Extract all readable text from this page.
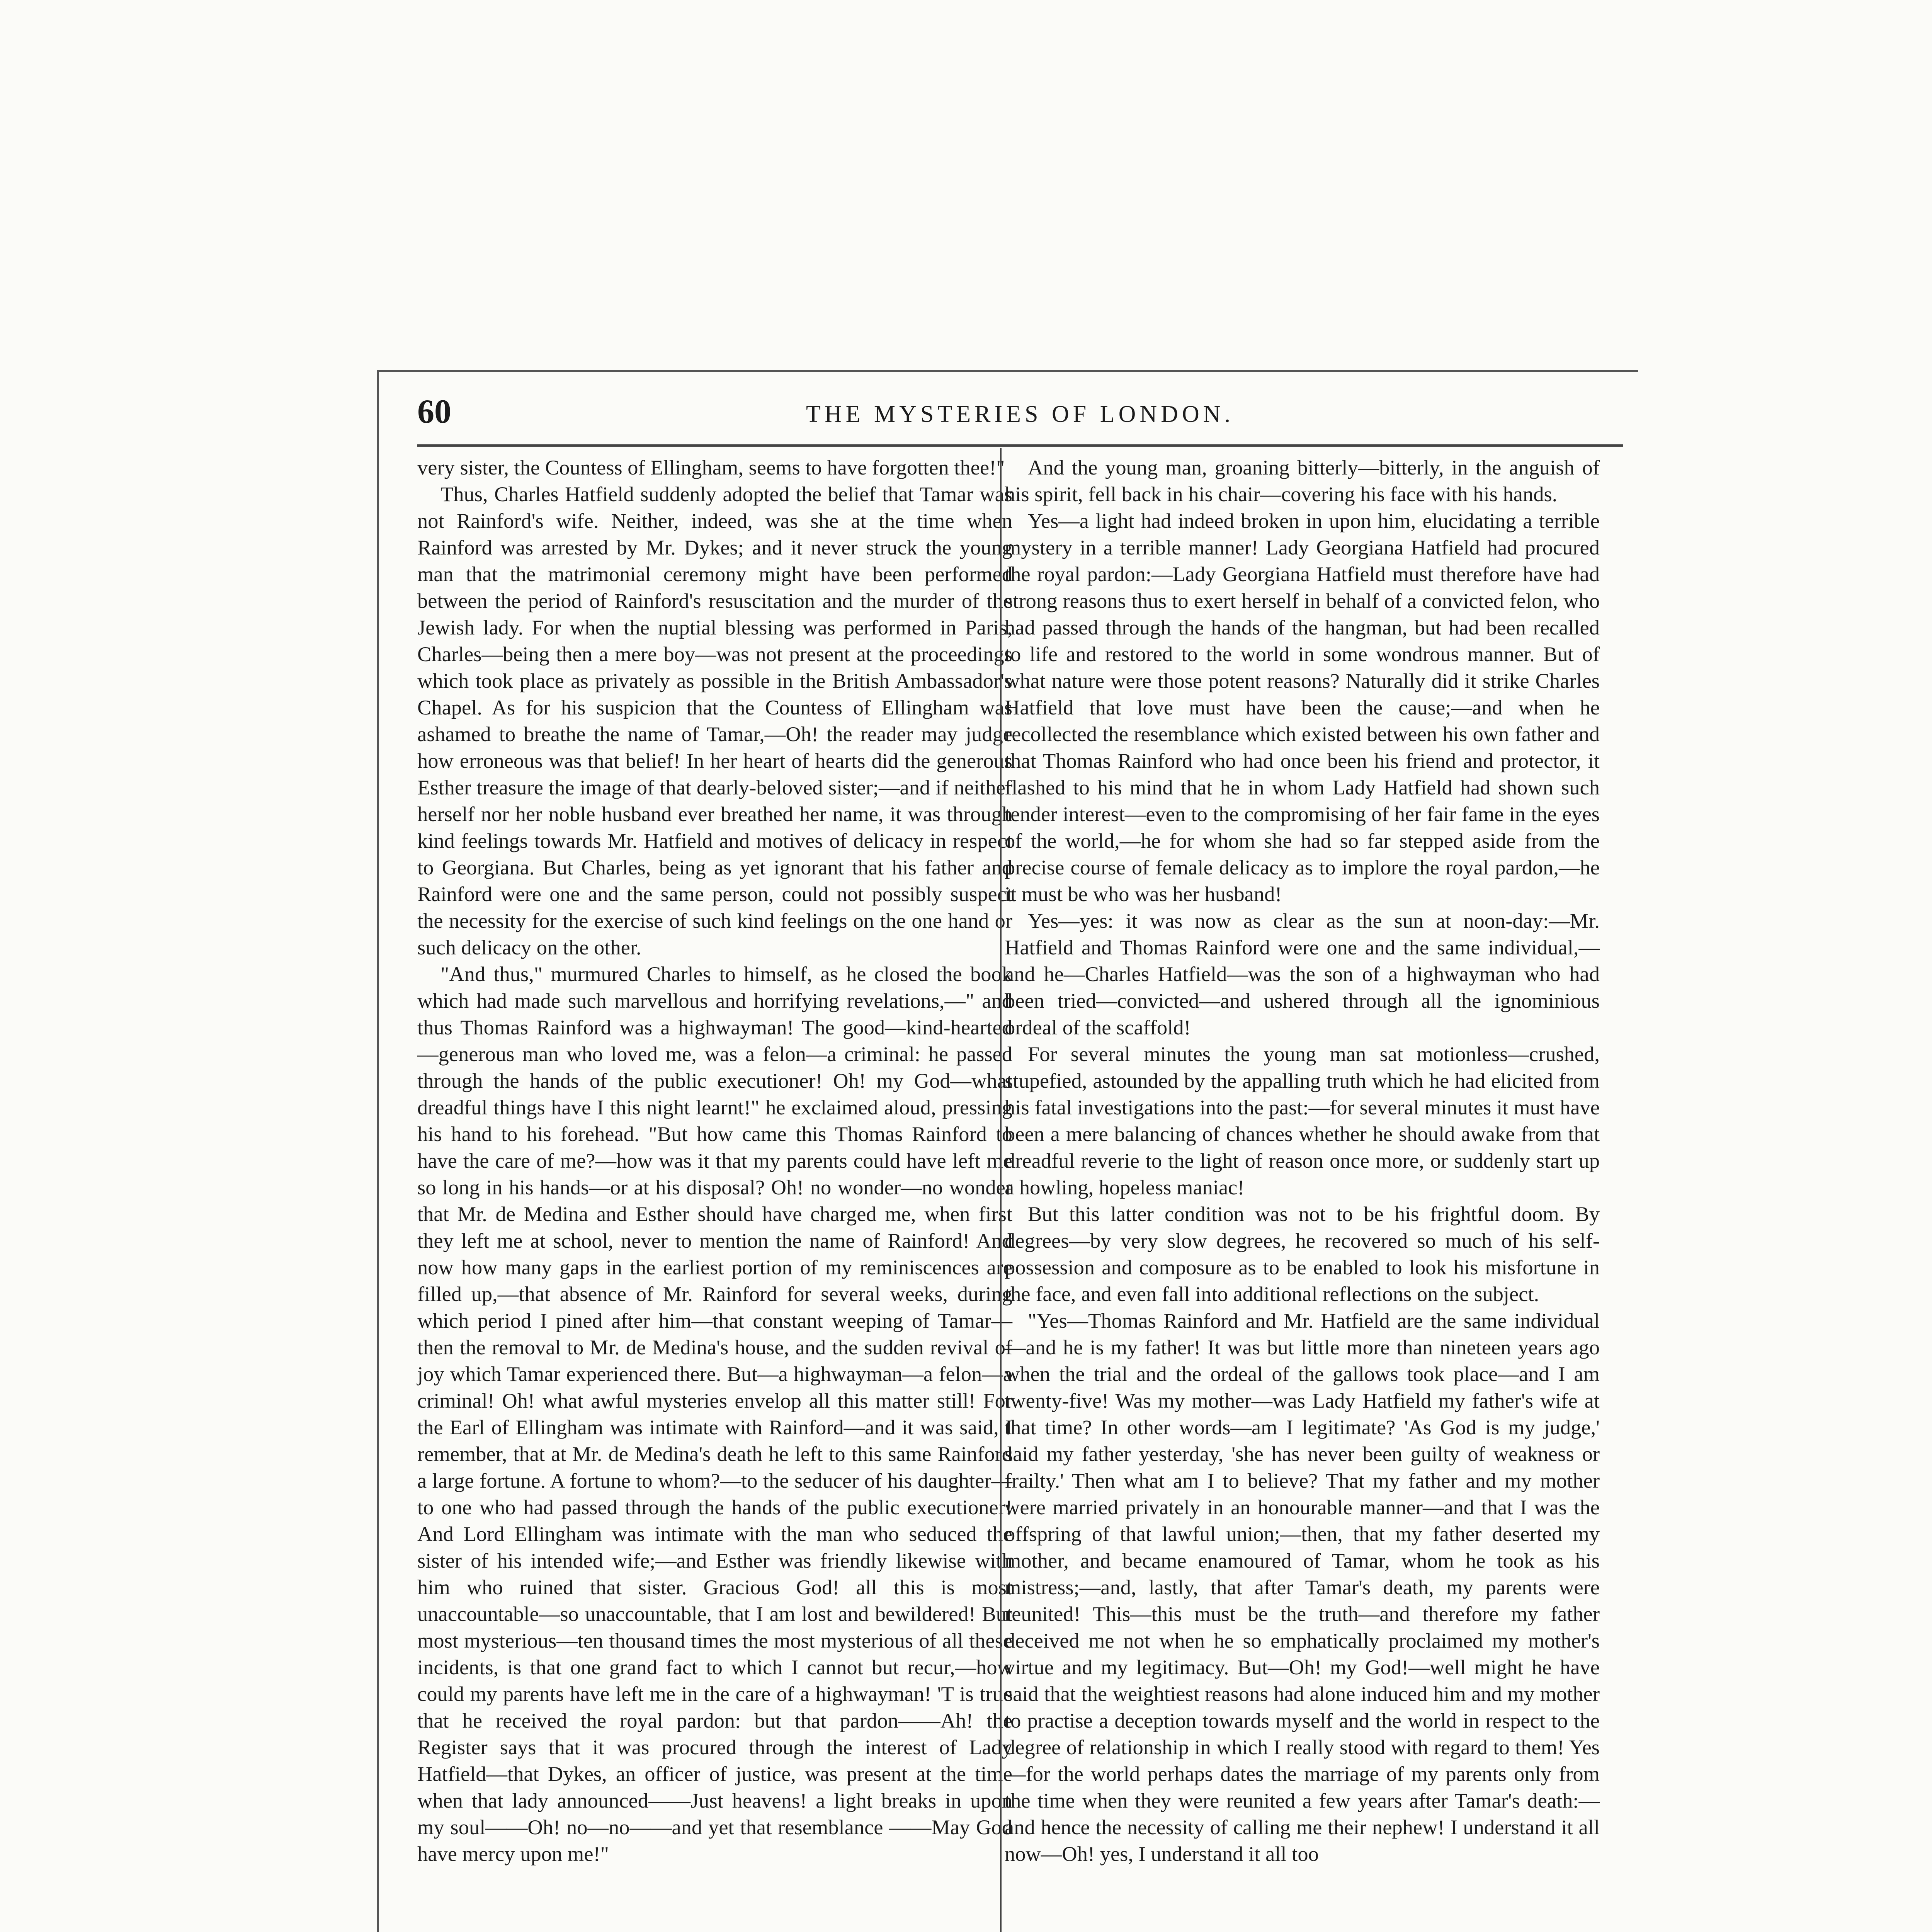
60	THE MYSTERIES OF LONDON.

very sister, the Countess of Ellingham, seems to have forgotten thee!"

Thus, Charles Hatfield suddenly adopted the belief that Tamar was not Rainford's wife. Neither, indeed, was she at the time when Rainford was arrested by Mr. Dykes; and it never struck the young man that the matrimonial ceremony might have been performed between the period of Rainford's resuscitation and the murder of the Jewish lady. For when the nuptial blessing was performed in Paris, Charles—being then a mere boy—was not present at the proceedings which took place as privately as possible in the British Ambassador's Chapel. As for his suspicion that the Countess of Ellingham was ashamed to breathe the name of Tamar,—Oh! the reader may judge how erroneous was that belief! In her heart of hearts did the generous Esther treasure the image of that dearly-beloved sister;—and if neither herself nor her noble husband ever breathed her name, it was through kind feelings towards Mr. Hatfield and motives of delicacy in respect to Georgiana. But Charles, being as yet ignorant that his father and Rainford were one and the same person, could not possibly suspect the necessity for the exercise of such kind feelings on the one hand or such delicacy on the other.

"And thus," murmured Charles to himself, as he closed the book which had made such marvellous and horrifying revelations,—" and thus Thomas Rainford was a highwayman! The good—kind-hearted —generous man who loved me, was a felon—a criminal: he passed through the hands of the public executioner! Oh! my God—what dreadful things have I this night learnt!" he exclaimed aloud, pressing his hand to his forehead. "But how came this Thomas Rainford to have the care of me?—how was it that my parents could have left me so long in his hands—or at his disposal? Oh! no wonder—no wonder that Mr. de Medina and Esther should have charged me, when first they left me at school, never to mention the name of Rainford! And now how many gaps in the earliest portion of my reminiscences are filled up,—that absence of Mr. Rainford for several weeks, during which period I pined after him—that constant weeping of Tamar—then the removal to Mr. de Medina's house, and the sudden revival of joy which Tamar experienced there. But—a highwayman—a felon—a criminal! Oh! what awful mysteries envelop all this matter still! For the Earl of Ellingham was intimate with Rainford—and it was said, I remember, that at Mr. de Medina's death he left to this same Rainford a large fortune. A fortune to whom?—to the seducer of his daughter—to one who had passed through the hands of the public executioner! And Lord Ellingham was intimate with the man who seduced the sister of his intended wife;—and Esther was friendly likewise with him who ruined that sister. Gracious God! all this is most unaccountable—so unaccountable, that I am lost and bewildered! But most mysterious—ten thousand times the most mysterious of all these incidents, is that one grand fact to which I cannot but recur,—how could my parents have left me in the care of a highwayman! 'T is true that he received the royal pardon: but that pardon——Ah! the Register says that it was procured through the interest of Lady Hatfield—that Dykes, an officer of justice, was present at the time when that lady announced——Just heavens! a light breaks in upon my soul——Oh! no—no——and yet that resemblance ——May God have mercy upon me!"

And the young man, groaning bitterly—bitterly, in the anguish of his spirit, fell back in his chair—covering his face with his hands.

Yes—a light had indeed broken in upon him, elucidating a terrible mystery in a terrible manner! Lady Georgiana Hatfield had procured the royal pardon:—Lady Georgiana Hatfield must therefore have had strong reasons thus to exert herself in behalf of a convicted felon, who had passed through the hands of the hangman, but had been recalled to life and restored to the world in some wondrous manner. But of what nature were those potent reasons? Naturally did it strike Charles Hatfield that love must have been the cause;—and when he recollected the resemblance which existed between his own father and that Thomas Rainford who had once been his friend and protector, it flashed to his mind that he in whom Lady Hatfield had shown such tender interest—even to the compromising of her fair fame in the eyes of the world,—he for whom she had so far stepped aside from the precise course of female delicacy as to implore the royal pardon,—he it must be who was her husband!

Yes—yes: it was now as clear as the sun at noon-day:—Mr. Hatfield and Thomas Rainford were one and the same individual,—and he—Charles Hatfield—was the son of a highwayman who had been tried—convicted—and ushered through all the ignominious ordeal of the scaffold!

For several minutes the young man sat motionless—crushed, stupefied, astounded by the appalling truth which he had elicited from his fatal investigations into the past:—for several minutes it must have been a mere balancing of chances whether he should awake from that dreadful reverie to the light of reason once more, or suddenly start up a howling, hopeless maniac!

But this latter condition was not to be his frightful doom. By degrees—by very slow degrees, he recovered so much of his self-possession and composure as to be enabled to look his misfortune in the face, and even fall into additional reflections on the subject.

"Yes—Thomas Rainford and Mr. Hatfield are the same individual—and he is my father! It was but little more than nineteen years ago when the trial and the ordeal of the gallows took place—and I am twenty-five! Was my mother—was Lady Hatfield my father's wife at that time? In other words—am I legitimate? 'As God is my judge,' said my father yesterday, 'she has never been guilty of weakness or frailty.' Then what am I to believe? That my father and my mother were married privately in an honourable manner—and that I was the offspring of that lawful union;—then, that my father deserted my mother, and became enamoured of Tamar, whom he took as his mistress;—and, lastly, that after Tamar's death, my parents were reunited! This—this must be the truth—and therefore my father deceived me not when he so emphatically proclaimed my mother's virtue and my legitimacy. But—Oh! my God!—well might he have said that the weightiest reasons had alone induced him and my mother to practise a deception towards myself and the world in respect to the degree of relationship in which I really stood with regard to them! Yes—for the world perhaps dates the marriage of my parents only from the time when they were reunited a few years after Tamar's death:—and hence the necessity of calling me their nephew! I understand it all now—Oh! yes, I understand it all too
